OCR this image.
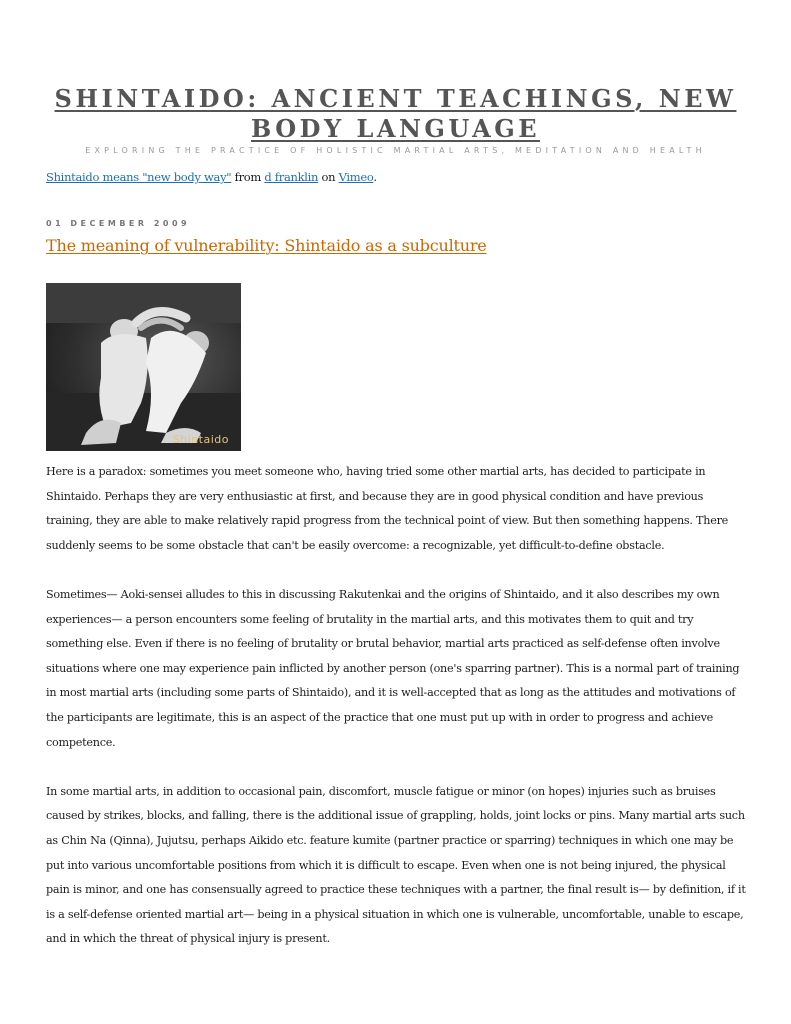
SHINTAIDO: ANCIENT TEACHINGS, NEW BODY LANGUAGE
EXPLORING THE PRACTICE OF HOLISTIC MARTIAL ARTS, MEDITATION AND HEALTH
Shintaido means "new body way" from d franklin on Vimeo.
01 DECEMBER 2009
The meaning of vulnerability: Shintaido as a subculture
Shintaido

Here is a paradox: sometimes you meet someone who, having tried some other martial arts, has decided to participate in Shintaido. Perhaps they are very enthusiastic at first, and because they are in good physical condition and have previous training, they are able to make relatively rapid progress from the technical point of view. But then something happens. There suddenly seems to be some obstacle that can't be easily overcome: a recognizable, yet difficult-to-define obstacle.

Sometimes— Aoki-sensei alludes to this in discussing Rakutenkai and the origins of Shintaido, and it also describes my own experiences— a person encounters some feeling of brutality in the martial arts, and this motivates them to quit and try something else. Even if there is no feeling of brutality or brutal behavior, martial arts practiced as self-defense often involve situations where one may experience pain inflicted by another person (one's sparring partner). This is a normal part of training in most martial arts (including some parts of Shintaido), and it is well-accepted that as long as the attitudes and motivations of the participants are legitimate, this is an aspect of the practice that one must put up with in order to progress and achieve competence.

In some martial arts, in addition to occasional pain, discomfort, muscle fatigue or minor (on hopes) injuries such as bruises caused by strikes, blocks, and falling, there is the additional issue of grappling, holds, joint locks or pins. Many martial arts such as Chin Na (Qinna), Jujutsu, perhaps Aikido etc. feature kumite (partner practice or sparring) techniques in which one may be put into various uncomfortable positions from which it is difficult to escape. Even when one is not being injured, the physical pain is minor, and one has consensually agreed to practice these techniques with a partner, the final result is— by definition, if it is a self-defense oriented martial art— being in a physical situation in which one is vulnerable, uncomfortable, unable to escape, and in which the threat of physical injury is present.
